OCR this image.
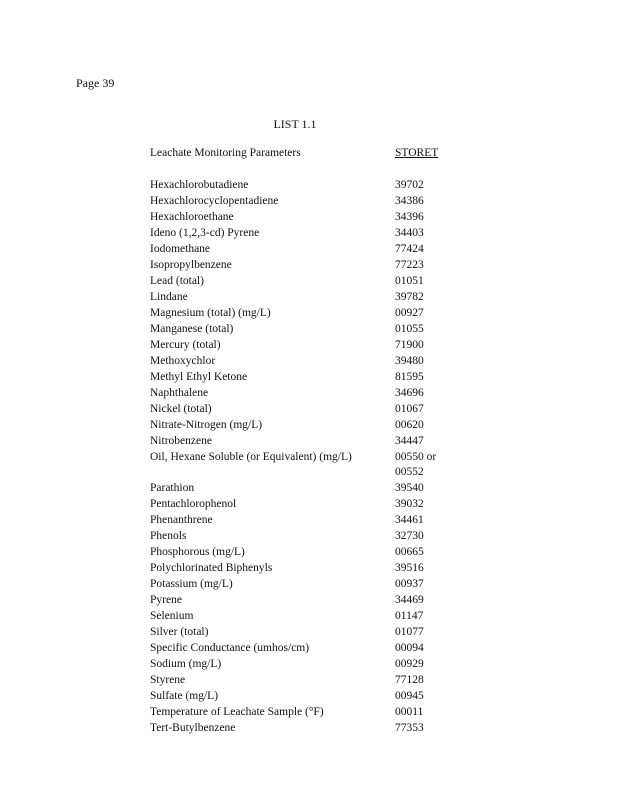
Page 39
LIST 1.1
Leachate Monitoring Parameters	STORET
Hexachlorobutadiene	39702
Hexachlorocyclopentadiene	34386
Hexachloroethane	34396
Ideno (1,2,3-cd) Pyrene	34403
Iodomethane	77424
Isopropylbenzene	77223
Lead (total)	01051
Lindane	39782
Magnesium (total) (mg/L)	00927
Manganese (total)	01055
Mercury (total)	71900
Methoxychlor	39480
Methyl Ethyl Ketone	81595
Naphthalene	34696
Nickel (total)	01067
Nitrate-Nitrogen (mg/L)	00620
Nitrobenzene	34447
Oil, Hexane Soluble (or Equivalent) (mg/L)	00550 or
00552
Parathion	39540
Pentachlorophenol	39032
Phenanthrene	34461
Phenols	32730
Phosphorous (mg/L)	00665
Polychlorinated Biphenyls	39516
Potassium (mg/L)	00937
Pyrene	34469
Selenium	01147
Silver (total)	01077
Specific Conductance (umhos/cm)	00094
Sodium (mg/L)	00929
Styrene	77128
Sulfate (mg/L)	00945
Temperature of Leachate Sample (°F)	00011
Tert-Butylbenzene	77353
